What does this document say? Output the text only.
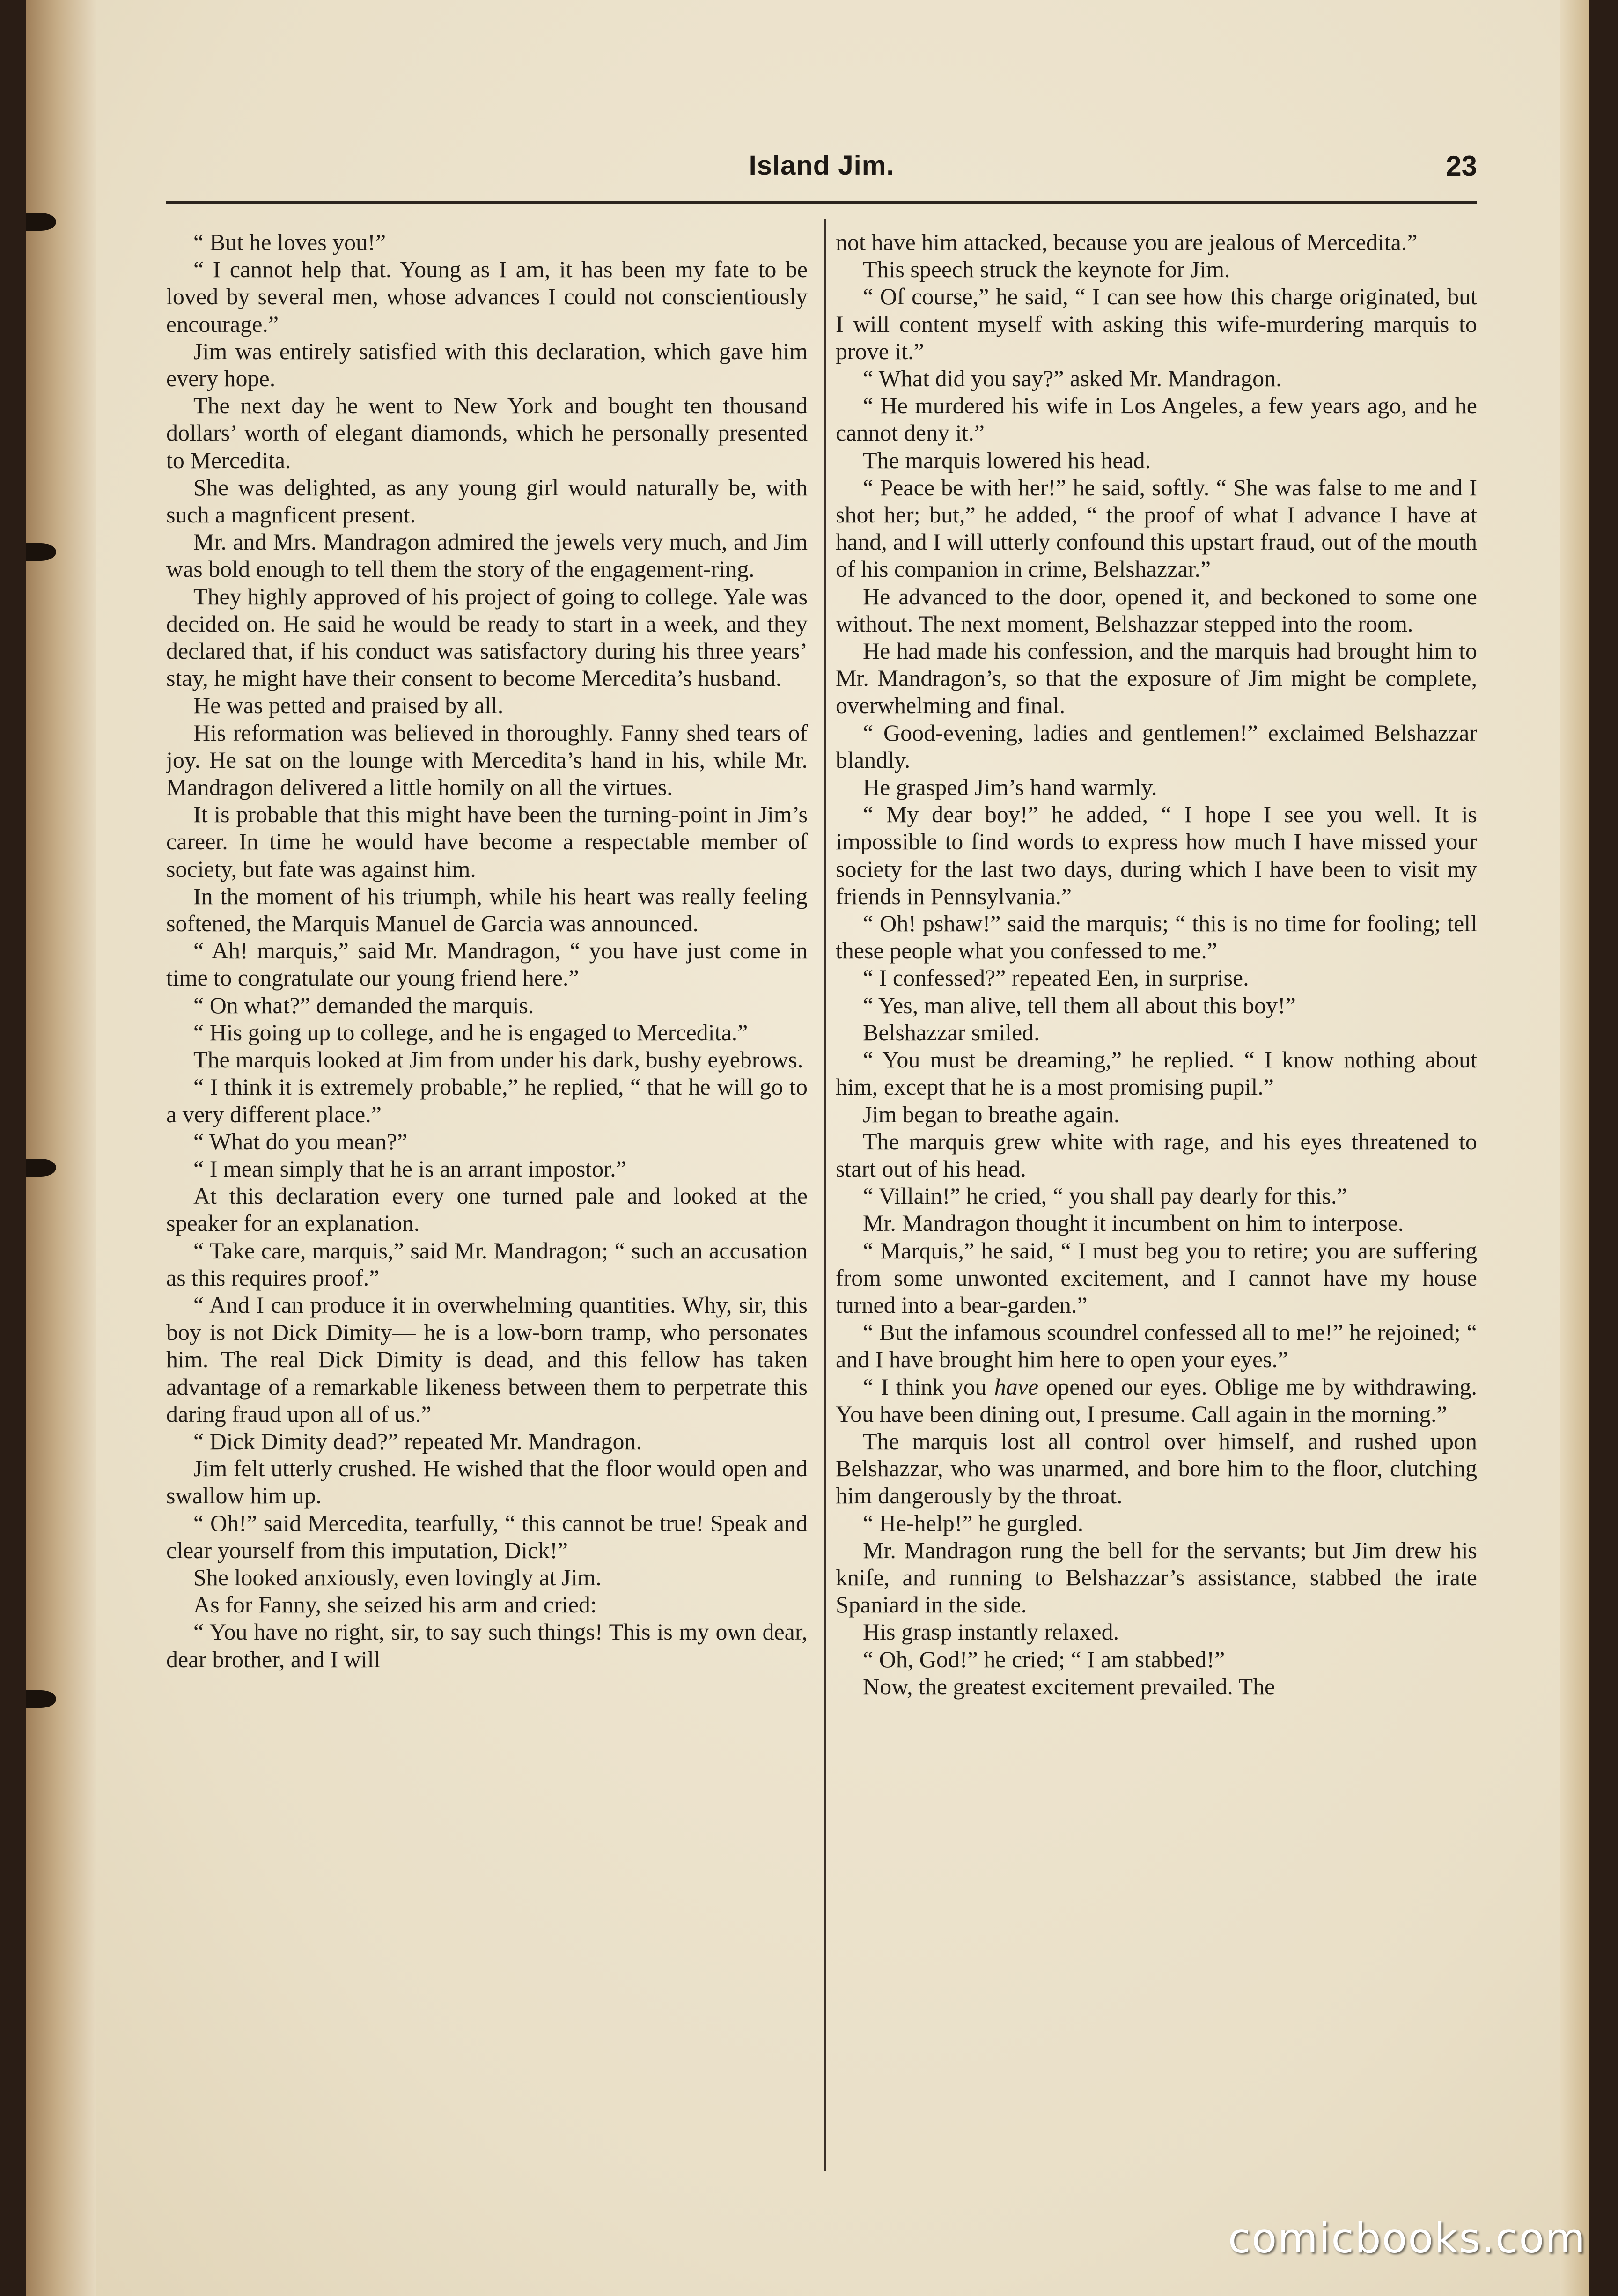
Island Jim.	23

“ But he loves you!”

“ I cannot help that. Young as I am, it has been my fate to be loved by several men, whose advances I could not conscientiously encourage.”

Jim was entirely satisfied with this declaration, which gave him every hope.

The next day he went to New York and bought ten thousand dollars’ worth of elegant diamonds, which he personally presented to Mercedita.

She was delighted, as any young girl would naturally be, with such a magnficent present.

Mr. and Mrs. Mandragon admired the jewels very much, and Jim was bold enough to tell them the story of the engagement-ring.

They highly approved of his project of going to college. Yale was decided on. He said he would be ready to start in a week, and they declared that, if his conduct was satisfactory during his three years’ stay, he might have their consent to become Mercedita’s husband.

He was petted and praised by all.

His reformation was believed in thoroughly. Fanny shed tears of joy. He sat on the lounge with Mercedita’s hand in his, while Mr. Mandragon delivered a little homily on all the virtues.

It is probable that this might have been the turning-point in Jim’s career. In time he would have become a respectable member of society, but fate was against him.

In the moment of his triumph, while his heart was really feeling softened, the Marquis Manuel de Garcia was announced.

“ Ah! marquis,” said Mr. Mandragon, “ you have just come in time to congratulate our young friend here.”

“ On what?” demanded the marquis.

“ His going up to college, and he is engaged to Mercedita.”

The marquis looked at Jim from under his dark, bushy eyebrows.

“ I think it is extremely probable,” he replied, “ that he will go to a very different place.”

“ What do you mean?”

“ I mean simply that he is an arrant impostor.”

At this declaration every one turned pale and looked at the speaker for an explanation.

“ Take care, marquis,” said Mr. Mandragon; “ such an accusation as this requires proof.”

“ And I can produce it in overwhelming quantities. Why, sir, this boy is not Dick Dimity— he is a low-born tramp, who personates him. The real Dick Dimity is dead, and this fellow has taken advantage of a remarkable likeness between them to perpetrate this daring fraud upon all of us.”

“ Dick Dimity dead?” repeated Mr. Mandragon.

Jim felt utterly crushed. He wished that the floor would open and swallow him up.

“ Oh!” said Mercedita, tearfully, “ this cannot be true! Speak and clear yourself from this imputation, Dick!”

She looked anxiously, even lovingly at Jim.

As for Fanny, she seized his arm and cried:

“ You have no right, sir, to say such things! This is my own dear, dear brother, and I will

not have him attacked, because you are jealous of Mercedita.”

This speech struck the keynote for Jim.

“ Of course,” he said, “ I can see how this charge originated, but I will content myself with asking this wife-murdering marquis to prove it.”

“ What did you say?” asked Mr. Mandragon.

“ He murdered his wife in Los Angeles, a few years ago, and he cannot deny it.”

The marquis lowered his head.

“ Peace be with her!” he said, softly. “ She was false to me and I shot her; but,” he added, “ the proof of what I advance I have at hand, and I will utterly confound this upstart fraud, out of the mouth of his companion in crime, Belshazzar.”

He advanced to the door, opened it, and beckoned to some one without. The next moment, Belshazzar stepped into the room.

He had made his confession, and the marquis had brought him to Mr. Mandragon’s, so that the exposure of Jim might be complete, overwhelming and final.

“ Good-evening, ladies and gentlemen!” exclaimed Belshazzar blandly.

He grasped Jim’s hand warmly.

“ My dear boy!” he added, “ I hope I see you well. It is impossible to find words to express how much I have missed your society for the last two days, during which I have been to visit my friends in Pennsylvania.”

“ Oh! pshaw!” said the marquis; “ this is no time for fooling; tell these people what you confessed to me.”

“ I confessed?” repeated Een, in surprise.

“ Yes, man alive, tell them all about this boy!”

Belshazzar smiled.

“ You must be dreaming,” he replied. “ I know nothing about him, except that he is a most promising pupil.”

Jim began to breathe again.

The marquis grew white with rage, and his eyes threatened to start out of his head.

“ Villain!” he cried, “ you shall pay dearly for this.”

Mr. Mandragon thought it incumbent on him to interpose.

“ Marquis,” he said, “ I must beg you to retire; you are suffering from some unwonted excitement, and I cannot have my house turned into a bear-garden.”

“ But the infamous scoundrel confessed all to me!” he rejoined; “ and I have brought him here to open your eyes.”

“ I think you have opened our eyes. Oblige me by withdrawing. You have been dining out, I presume. Call again in the morning.”

The marquis lost all control over himself, and rushed upon Belshazzar, who was unarmed, and bore him to the floor, clutching him dangerously by the throat.

“ He-help!” he gurgled.

Mr. Mandragon rung the bell for the servants; but Jim drew his knife, and running to Belshazzar’s assistance, stabbed the irate Spaniard in the side.

His grasp instantly relaxed.

“ Oh, God!” he cried; “ I am stabbed!”

Now, the greatest excitement prevailed. The

comicbooks.com
